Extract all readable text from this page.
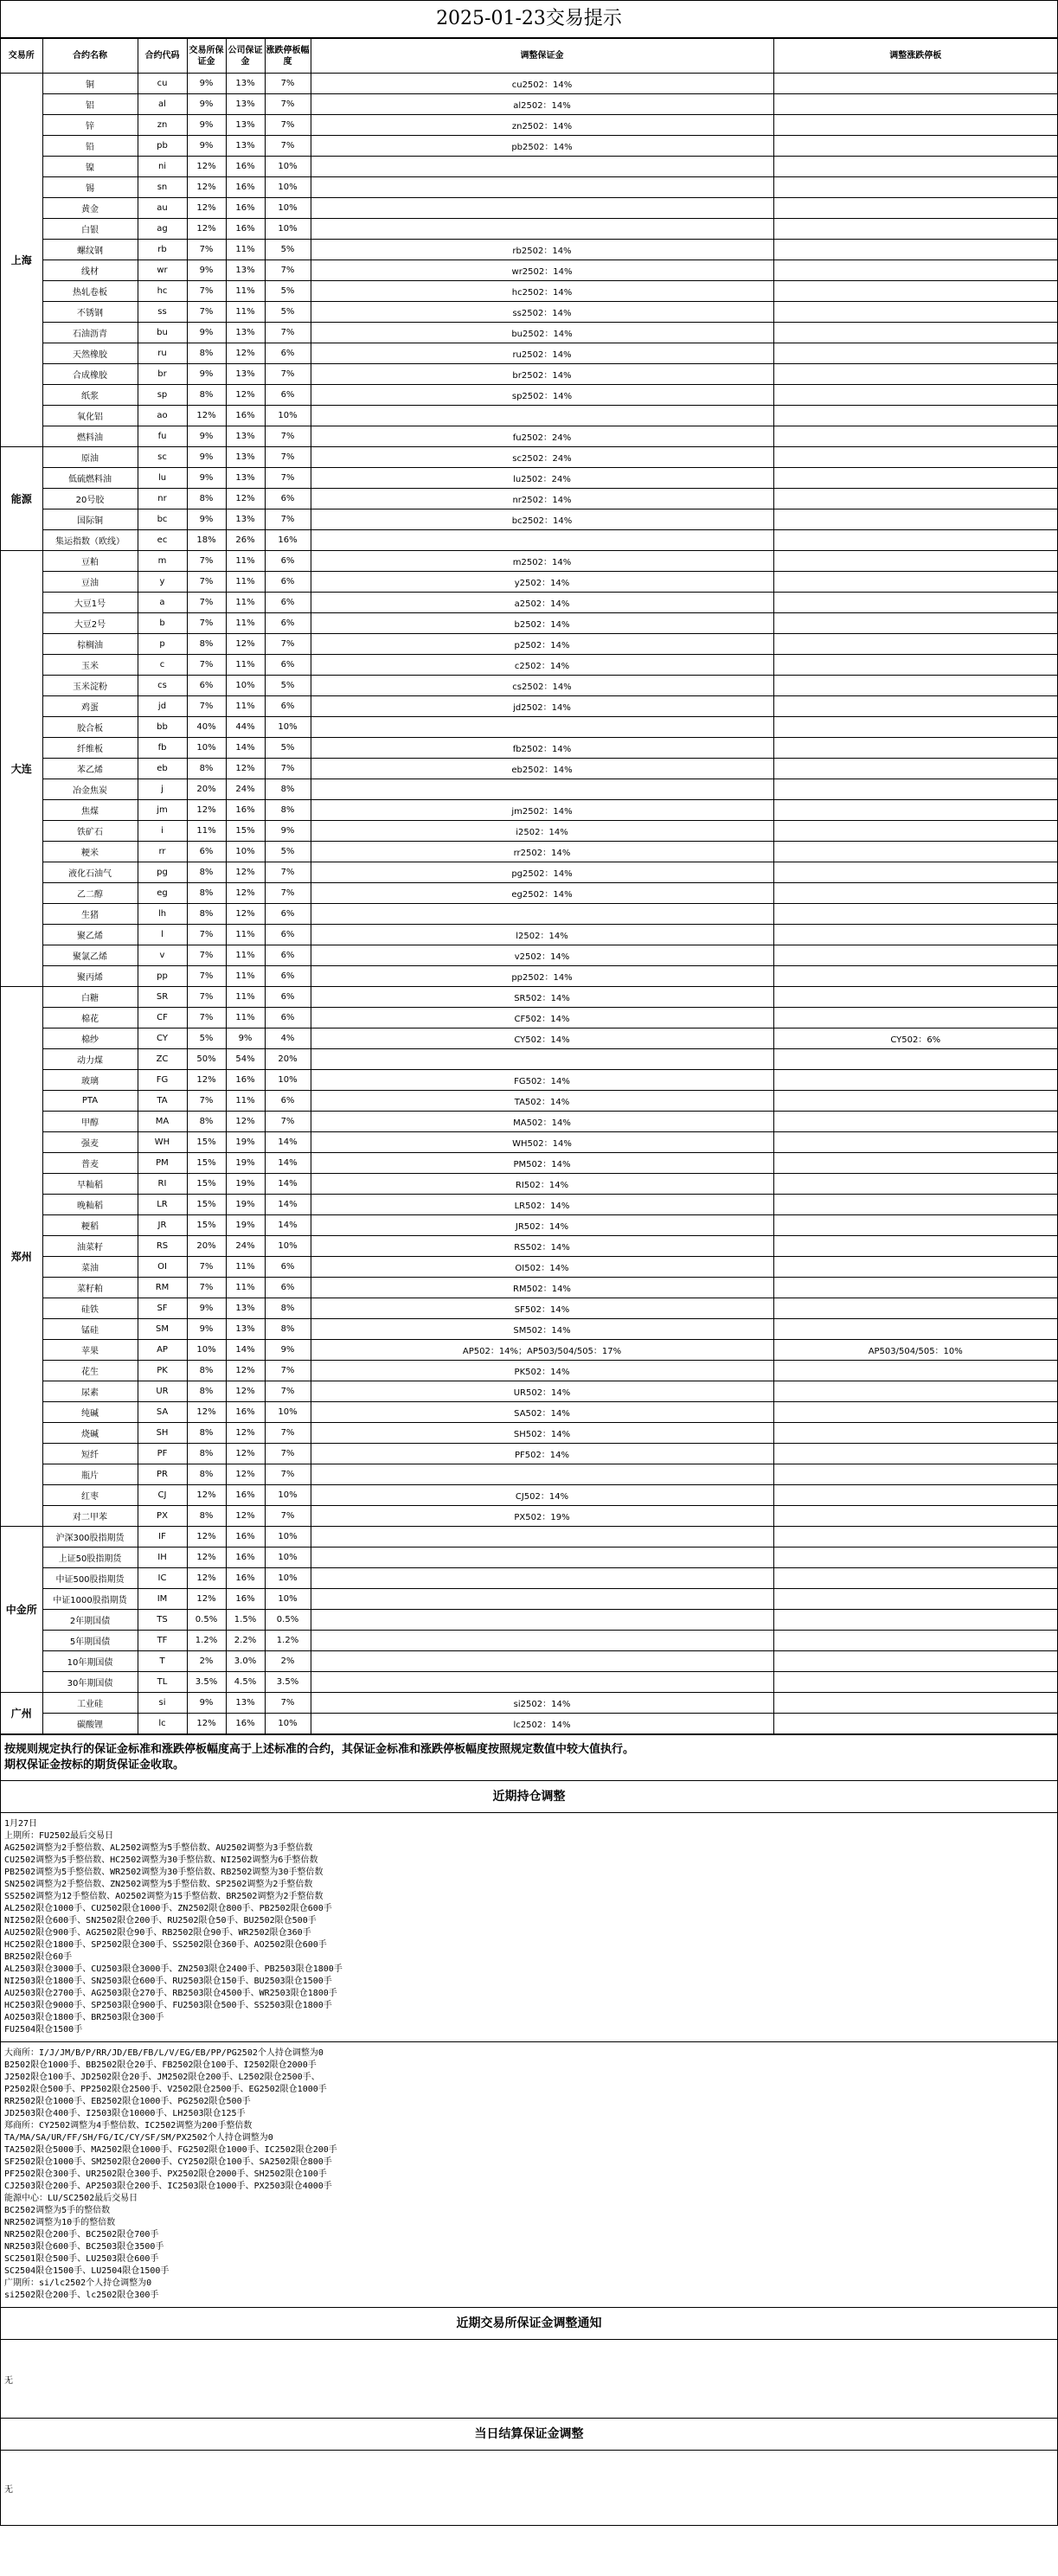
2025-01-23交易提示
交易所	合约名称	合约代码	交易所保证金	公司保证金	涨跌停板幅度	调整保证金	调整涨跌停板
上海	铜	cu	9%	13%	7%	cu2502：14%	
	铝	al	9%	13%	7%	al2502：14%	
	锌	zn	9%	13%	7%	zn2502：14%	
	铅	pb	9%	13%	7%	pb2502：14%	
	镍	ni	12%	16%	10%		
	锡	sn	12%	16%	10%		
	黄金	au	12%	16%	10%		
	白银	ag	12%	16%	10%		
	螺纹钢	rb	7%	11%	5%	rb2502：14%	
	线材	wr	9%	13%	7%	wr2502：14%	
	热轧卷板	hc	7%	11%	5%	hc2502：14%	
	不锈钢	ss	7%	11%	5%	ss2502：14%	
	石油沥青	bu	9%	13%	7%	bu2502：14%	
	天然橡胶	ru	8%	12%	6%	ru2502：14%	
	合成橡胶	br	9%	13%	7%	br2502：14%	
	纸浆	sp	8%	12%	6%	sp2502：14%	
	氧化铝	ao	12%	16%	10%		
	燃料油	fu	9%	13%	7%	fu2502：24%	
能源	原油	sc	9%	13%	7%	sc2502：24%	
	低硫燃料油	lu	9%	13%	7%	lu2502：24%	
	20号胶	nr	8%	12%	6%	nr2502：14%	
	国际铜	bc	9%	13%	7%	bc2502：14%	
	集运指数（欧线）	ec	18%	26%	16%		
大连	豆粕	m	7%	11%	6%	m2502：14%	
	豆油	y	7%	11%	6%	y2502：14%	
	大豆1号	a	7%	11%	6%	a2502：14%	
	大豆2号	b	7%	11%	6%	b2502：14%	
	棕榈油	p	8%	12%	7%	p2502：14%	
	玉米	c	7%	11%	6%	c2502：14%	
	玉米淀粉	cs	6%	10%	5%	cs2502：14%	
	鸡蛋	jd	7%	11%	6%	jd2502：14%	
	胶合板	bb	40%	44%	10%		
	纤维板	fb	10%	14%	5%	fb2502：14%	
	苯乙烯	eb	8%	12%	7%	eb2502：14%	
	冶金焦炭	j	20%	24%	8%		
	焦煤	jm	12%	16%	8%	jm2502：14%	
	铁矿石	i	11%	15%	9%	i2502：14%	
	粳米	rr	6%	10%	5%	rr2502：14%	
	液化石油气	pg	8%	12%	7%	pg2502：14%	
	乙二醇	eg	8%	12%	7%	eg2502：14%	
	生猪	lh	8%	12%	6%		
	聚乙烯	l	7%	11%	6%	l2502：14%	
	聚氯乙烯	v	7%	11%	6%	v2502：14%	
	聚丙烯	pp	7%	11%	6%	pp2502：14%	
郑州	白糖	SR	7%	11%	6%	SR502：14%	
	棉花	CF	7%	11%	6%	CF502：14%	
	棉纱	CY	5%	9%	4%	CY502：14%	CY502：6%
	动力煤	ZC	50%	54%	20%		
	玻璃	FG	12%	16%	10%	FG502：14%	
	PTA	TA	7%	11%	6%	TA502：14%	
	甲醇	MA	8%	12%	7%	MA502：14%	
	强麦	WH	15%	19%	14%	WH502：14%	
	普麦	PM	15%	19%	14%	PM502：14%	
	早籼稻	RI	15%	19%	14%	RI502：14%	
	晚籼稻	LR	15%	19%	14%	LR502：14%	
	粳稻	JR	15%	19%	14%	JR502：14%	
	油菜籽	RS	20%	24%	10%	RS502：14%	
	菜油	OI	7%	11%	6%	OI502：14%	
	菜籽粕	RM	7%	11%	6%	RM502：14%	
	硅铁	SF	9%	13%	8%	SF502：14%	
	锰硅	SM	9%	13%	8%	SM502：14%	
	苹果	AP	10%	14%	9%	AP502：14%；AP503/504/505：17%	AP503/504/505：10%
	花生	PK	8%	12%	7%	PK502：14%	
	尿素	UR	8%	12%	7%	UR502：14%	
	纯碱	SA	12%	16%	10%	SA502：14%	
	烧碱	SH	8%	12%	7%	SH502：14%	
	短纤	PF	8%	12%	7%	PF502：14%	
	瓶片	PR	8%	12%	7%		
	红枣	CJ	12%	16%	10%	CJ502：14%	
	对二甲苯	PX	8%	12%	7%	PX502：19%	
中金所	沪深300股指期货	IF	12%	16%	10%		
	上证50股指期货	IH	12%	16%	10%		
	中证500股指期货	IC	12%	16%	10%		
	中证1000股指期货	IM	12%	16%	10%		
	2年期国债	TS	0.5%	1.5%	0.5%		
	5年期国债	TF	1.2%	2.2%	1.2%		
	10年期国债	T	2%	3.0%	2%		
	30年期国债	TL	3.5%	4.5%	3.5%		
广州	工业硅	si	9%	13%	7%	si2502：14%	
	碳酸锂	lc	12%	16%	10%	lc2502：14%	
按规则规定执行的保证金标准和涨跌停板幅度高于上述标准的合约，其保证金标准和涨跌停板幅度按照规定数值中较大值执行。
期权保证金按标的期货保证金收取。
近期持仓调整
1月27日
上期所：FU2502最后交易日
AG2502调整为2手整倍数、AL2502调整为5手整倍数、AU2502调整为3手整倍数
CU2502调整为5手整倍数、HC2502调整为30手整倍数、NI2502调整为6手整倍数
PB2502调整为5手整倍数、WR2502调整为30手整倍数、RB2502调整为30手整倍数
SN2502调整为2手整倍数、ZN2502调整为5手整倍数、SP2502调整为2手整倍数
SS2502调整为12手整倍数、AO2502调整为15手整倍数、BR2502调整为2手整倍数
AL2502限仓1000手、CU2502限仓1000手、ZN2502限仓800手、PB2502限仓600手
NI2502限仓600手、SN2502限仓200手、RU2502限仓50手、BU2502限仓500手
AU2502限仓900手、AG2502限仓90手、RB2502限仓90手、WR2502限仓360手
HC2502限仓1800手、SP2502限仓300手、SS2502限仓360手、AO2502限仓600手
BR2502限仓60手
AL2503限仓3000手、CU2503限仓3000手、ZN2503限仓2400手、PB2503限仓1800手
NI2503限仓1800手、SN2503限仓600手、RU2503限仓150手、BU2503限仓1500手
AU2503限仓2700手、AG2503限仓270手、RB2503限仓4500手、WR2503限仓1800手
HC2503限仓9000手、SP2503限仓900手、FU2503限仓500手、SS2503限仓1800手
AO2503限仓1800手、BR2503限仓300手
FU2504限仓1500手
大商所：I/J/JM/B/P/RR/JD/EB/FB/L/V/EG/EB/PP/PG2502个人持仓调整为0
B2502限仓1000手、BB2502限仓20手、FB2502限仓100手、I2502限仓2000手
J2502限仓100手、JD2502限仓20手、JM2502限仓200手、L2502限仓2500手、
P2502限仓500手、PP2502限仓2500手、V2502限仓2500手、EG2502限仓1000手
RR2502限仓1000手、EB2502限仓1000手、PG2502限仓500手
JD2503限仓400手、I2503限仓10000手、LH2503限仓125手
郑商所：CY2502调整为4手整倍数、IC2502调整为200手整倍数
TA/MA/SA/UR/FF/SH/FG/IC/CY/SF/SM/PX2502个人持仓调整为0
TA2502限仓5000手、MA2502限仓1000手、FG2502限仓1000手、IC2502限仓200手
SF2502限仓1000手、SM2502限仓2000手、CY2502限仓100手、SA2502限仓800手
PF2502限仓300手、UR2502限仓300手、PX2502限仓2000手、SH2502限仓100手
CJ2503限仓200手、AP2503限仓200手、IC2503限仓1000手、PX2503限仓4000手
能源中心：LU/SC2502最后交易日
BC2502调整为5手的整倍数
NR2502调整为10手的整倍数
NR2502限仓200手、BC2502限仓700手
NR2503限仓600手、BC2503限仓3500手
SC2501限仓500手、LU2503限仓600手
SC2504限仓1500手、LU2504限仓1500手
广期所：si/lc2502个人持仓调整为0
si2502限仓200手、lc2502限仓300手
近期交易所保证金调整通知
无
当日结算保证金调整
无
